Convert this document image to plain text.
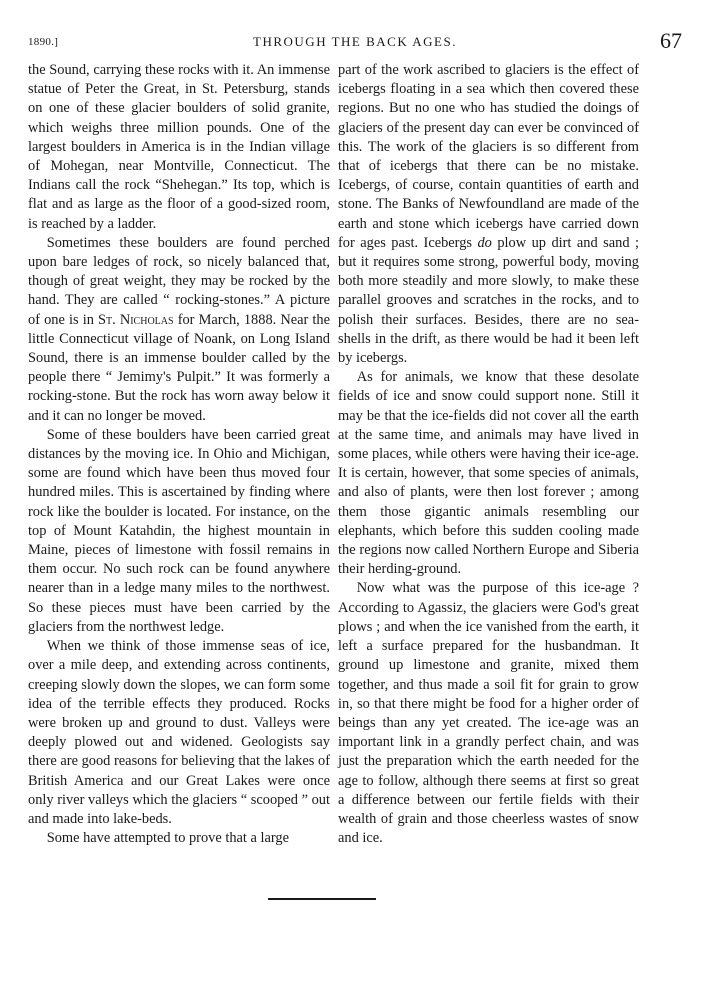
1890.]	THROUGH THE BACK AGES.	67

the Sound, carrying these rocks with it. An immense statue of Peter the Great, in St. Petersburg, stands on one of these glacier boulders of solid granite, which weighs three million pounds. One of the largest boulders in America is in the Indian village of Mohegan, near Montville, Connecticut. The Indians call the rock “Shehegan.” Its top, which is flat and as large as the floor of a good-sized room, is reached by a ladder.

Sometimes these boulders are found perched upon bare ledges of rock, so nicely balanced that, though of great weight, they may be rocked by the hand. They are called “ rocking-stones.” A picture of one is in St. Nicholas for March, 1888. Near the little Connecticut village of Noank, on Long Island Sound, there is an immense boulder called by the people there “ Jemimy's Pulpit.” It was formerly a rocking-stone. But the rock has worn away below it and it can no longer be moved.

Some of these boulders have been carried great distances by the moving ice. In Ohio and Michigan, some are found which have been thus moved four hundred miles. This is ascertained by finding where rock like the boulder is located. For instance, on the top of Mount Katahdin, the highest mountain in Maine, pieces of limestone with fossil remains in them occur. No such rock can be found anywhere nearer than in a ledge many miles to the northwest. So these pieces must have been carried by the glaciers from the northwest ledge.

When we think of those immense seas of ice, over a mile deep, and extending across continents, creeping slowly down the slopes, we can form some idea of the terrible effects they produced. Rocks were broken up and ground to dust. Valleys were deeply plowed out and widened. Geologists say there are good reasons for believing that the lakes of British America and our Great Lakes were once only river valleys which the glaciers “ scooped ” out and made into lake-beds.

Some have attempted to prove that a large

part of the work ascribed to glaciers is the effect of icebergs floating in a sea which then covered these regions. But no one who has studied the doings of glaciers of the present day can ever be convinced of this. The work of the glaciers is so different from that of icebergs that there can be no mistake. Icebergs, of course, contain quantities of earth and stone. The Banks of Newfoundland are made of the earth and stone which icebergs have carried down for ages past. Icebergs do plow up dirt and sand ; but it requires some strong, powerful body, moving both more steadily and more slowly, to make these parallel grooves and scratches in the rocks, and to polish their surfaces. Besides, there are no sea-shells in the drift, as there would be had it been left by icebergs.

As for animals, we know that these desolate fields of ice and snow could support none. Still it may be that the ice-fields did not cover all the earth at the same time, and animals may have lived in some places, while others were having their ice-age. It is certain, however, that some species of animals, and also of plants, were then lost forever ; among them those gigantic animals resembling our elephants, which before this sudden cooling made the regions now called Northern Europe and Siberia their herding-ground.

Now what was the purpose of this ice-age ? According to Agassiz, the glaciers were God's great plows ; and when the ice vanished from the earth, it left a surface prepared for the husbandman. It ground up limestone and granite, mixed them together, and thus made a soil fit for grain to grow in, so that there might be food for a higher order of beings than any yet created. The ice-age was an important link in a grandly perfect chain, and was just the preparation which the earth needed for the age to follow, although there seems at first so great a difference between our fertile fields with their wealth of grain and those cheerless wastes of snow and ice.
